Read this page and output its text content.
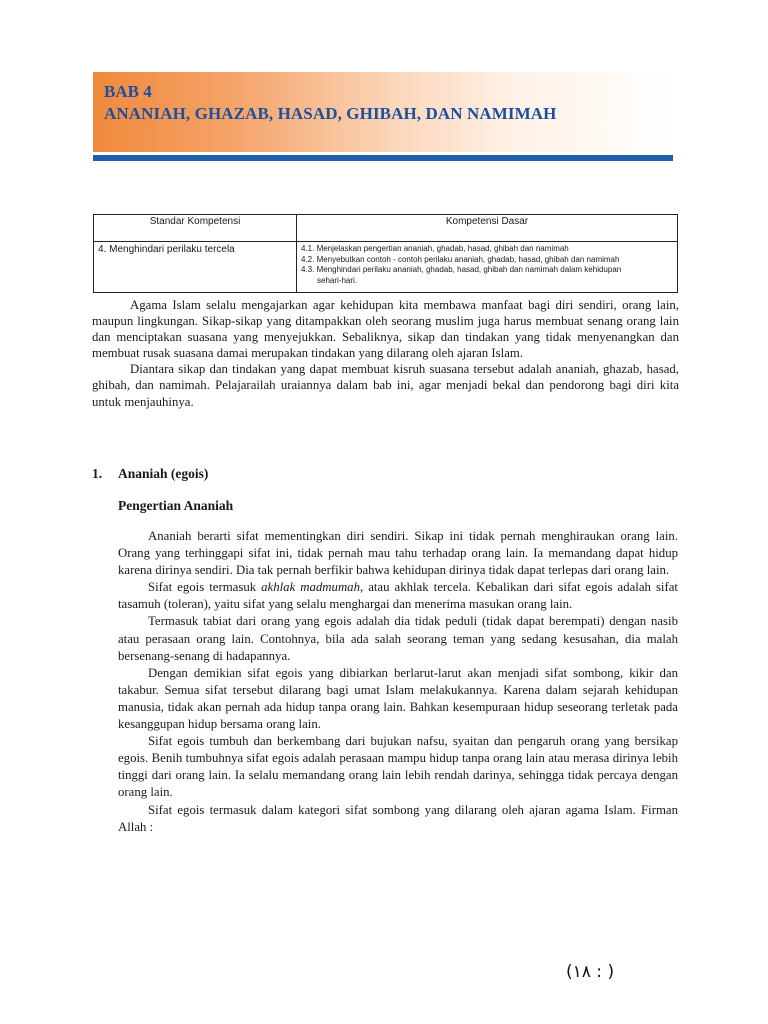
BAB 4
ANANIAH, GHAZAB, HASAD, GHIBAH, DAN NAMIMAH
Standar Kompetensi	Kompetensi Dasar
4. Menghindari perilaku tercela	4.1. Menjelaskan pengertian ananiah, ghadab, hasad, ghibah dan namimah
4.2. Menyebutkan contoh - contoh perilaku ananiah, ghadab, hasad, ghibah dan namimah
4.3. Menghindari perilaku ananiah, ghadab, hasad, ghibah dan namimah dalam kehidupan
sehari-hari.

Agama Islam selalu mengajarkan agar kehidupan kita membawa manfaat bagi diri sendiri, orang lain, maupun lingkungan. Sikap-sikap yang ditampakkan oleh seorang muslim juga harus membuat senang orang lain dan menciptakan suasana yang menyejukkan. Sebaliknya, sikap dan tindakan yang tidak menyenangkan dan membuat rusak suasana damai merupakan tindakan yang dilarang oleh ajaran Islam.

Diantara sikap dan tindakan yang dapat membuat kisruh suasana tersebut adalah ananiah, ghazab, hasad, ghibah, dan namimah. Pelajarailah uraiannya dalam bab ini, agar menjadi bekal dan pendorong bagi diri kita untuk menjauhinya.

1. Ananiah (egois)
Pengertian Ananiah

Ananiah berarti sifat mementingkan diri sendiri. Sikap ini tidak pernah menghiraukan orang lain. Orang yang terhinggapi sifat ini, tidak pernah mau tahu terhadap orang lain. Ia memandang dapat hidup karena dirinya sendiri. Dia tak pernah berfikir bahwa kehidupan dirinya tidak dapat terlepas dari orang lain.

Sifat egois termasuk akhlak madmumah, atau akhlak tercela. Kebalikan dari sifat egois adalah sifat tasamuh (toleran), yaitu sifat yang selalu menghargai dan menerima masukan orang lain.

Termasuk tabiat dari orang yang egois adalah dia tidak peduli (tidak dapat berempati) dengan nasib atau perasaan orang lain. Contohnya, bila ada salah seorang teman yang sedang kesusahan, dia malah bersenang-senang di hadapannya.

Dengan demikian sifat egois yang dibiarkan berlarut-larut akan menjadi sifat sombong, kikir dan takabur. Semua sifat tersebut dilarang bagi umat Islam melakukannya. Karena dalam sejarah kehidupan manusia, tidak akan pernah ada hidup tanpa orang lain. Bahkan kesempuraan hidup seseorang terletak pada kesanggupan hidup bersama orang lain.

Sifat egois tumbuh dan berkembang dari bujukan nafsu, syaitan dan pengaruh orang yang bersikap egois. Benih tumbuhnya sifat egois adalah perasaan mampu hidup tanpa orang lain atau merasa dirinya lebih tinggi dari orang lain. Ia selalu memandang orang lain lebih rendah darinya, sehingga tidak percaya dengan orang lain.

Sifat egois termasuk dalam kategori sifat sombong yang dilarang oleh ajaran agama Islam. Firman Allah :

(١٨ : )
